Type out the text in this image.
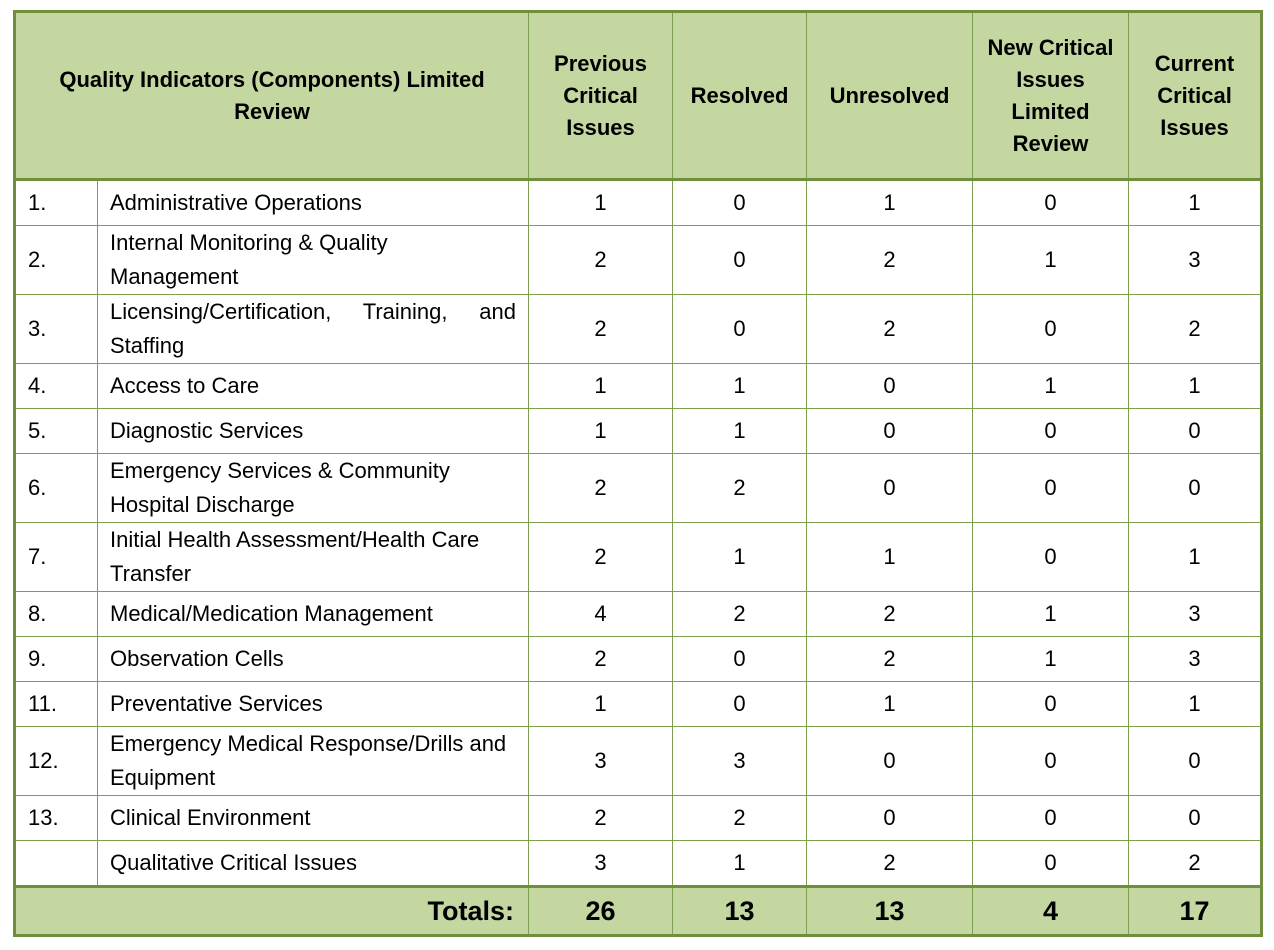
Quality Indicators (Components) Limited Review		Previous Critical Issues	Resolved	Unresolved	New Critical Issues Limited Review	Current Critical Issues
1.	Administrative Operations	1	0	1	0	1
2.	Internal Monitoring & Quality Management	2	0	2	1	3
3.	Licensing/Certification, Training, and Staffing	2	0	2	0	2
4.	Access to Care	1	1	0	1	1
5.	Diagnostic Services	1	1	0	0	0
6.	Emergency Services & Community Hospital Discharge	2	2	0	0	0
7.	Initial Health Assessment/Health Care Transfer	2	1	1	0	1
8.	Medical/Medication Management	4	2	2	1	3
9.	Observation Cells	2	0	2	1	3
11.	Preventative Services	1	0	1	0	1
12.	Emergency Medical Response/Drills and Equipment	3	3	0	0	0
13.	Clinical Environment	2	2	0	0	0
	Qualitative Critical Issues	3	1	2	0	2
Totals:		26	13	13	4	17
